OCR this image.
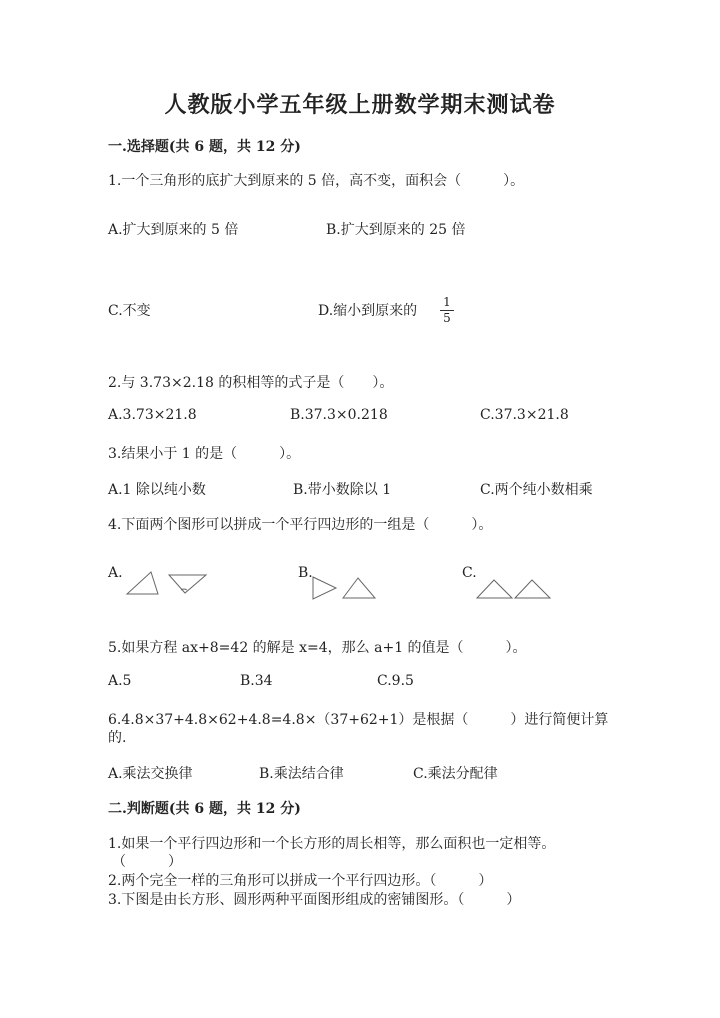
人教版小学五年级上册数学期末测试卷
一.选择题(共 6 题，共 12 分)
1.一个三角形的底扩大到原来的 5 倍，高不变，面积会（　　　）。
A.扩大到原来的 5 倍	B.扩大到原来的 25 倍
C.不变	D.缩小到原来的
1
5
2.与 3.73×2.18 的积相等的式子是（　　）。
A.3.73×21.8	B.37.3×0.218	C.37.3×21.8
3.结果小于 1 的是（　　　）。
A.1 除以纯小数	B.带小数除以 1	C.两个纯小数相乘
4.下面两个图形可以拼成一个平行四边形的一组是（　　　）。
A.	B.	C.
5.如果方程 ax+8=42 的解是 x=4，那么 a+1 的值是（　　　）。
A.5	B.34	C.9.5
6.4.8×37+4.8×62+4.8=4.8×（37+62+1）是根据（　　　）进行简便计算
的.
A.乘法交换律	B.乘法结合律	C.乘法分配律
二.判断题(共 6 题，共 12 分)
1.如果一个平行四边形和一个长方形的周长相等，那么面积也一定相等。
（　　　）
2.两个完全一样的三角形可以拼成一个平行四边形。（　　　）
3.下图是由长方形、圆形两种平面图形组成的密铺图形。（　　　）
